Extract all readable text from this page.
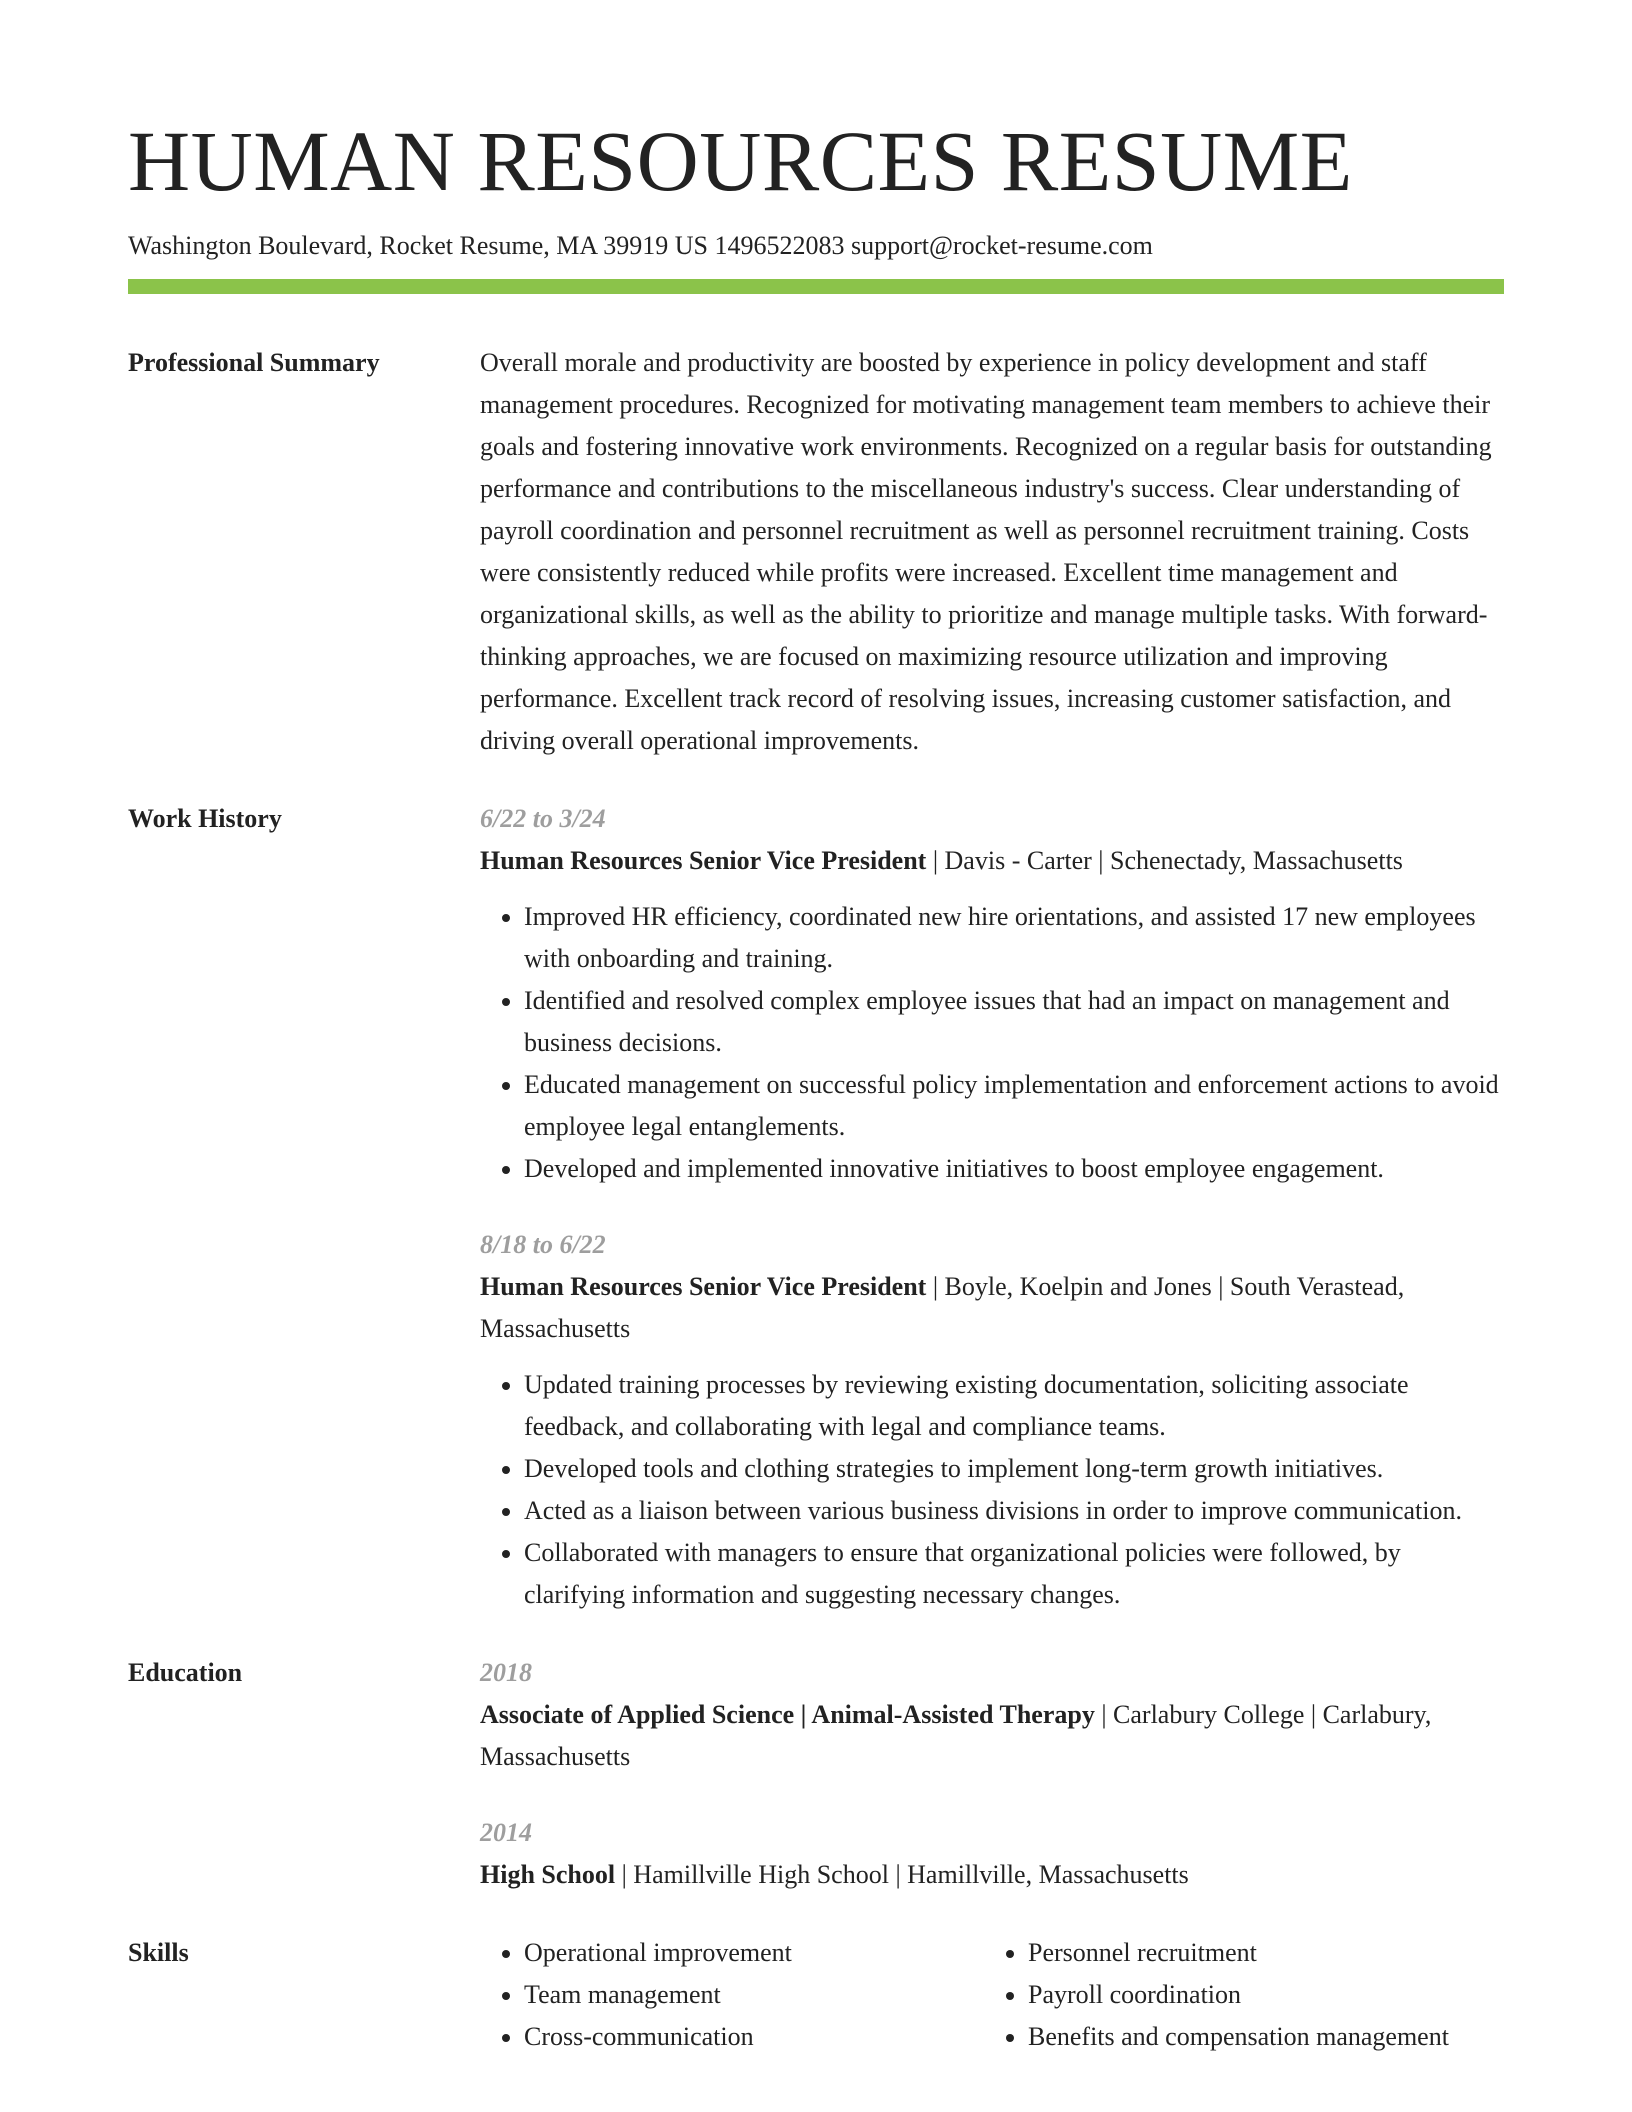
HUMAN RESOURCES RESUME
Washington Boulevard, Rocket Resume, MA 39919 US 1496522083 support@rocket-resume.com
Professional Summary	Overall morale and productivity are boosted by experience in policy development and staff management procedures. Recognized for motivating management team members to achieve their goals and fostering innovative work environments. Recognized on a regular basis for outstanding performance and contributions to the miscellaneous industry's success. Clear understanding of payroll coordination and personnel recruitment as well as personnel recruitment training. Costs were consistently reduced while profits were increased. Excellent time management and organizational skills, as well as the ability to prioritize and manage multiple tasks. With forward-thinking approaches, we are focused on maximizing resource utilization and improving performance. Excellent track record of resolving issues, increasing customer satisfaction, and driving overall operational improvements.

Work History	6/22 to 3/24
Human Resources Senior Vice President | Davis - Carter | Schenectady, Massachusetts
• Improved HR efficiency, coordinated new hire orientations, and assisted 17 new employees with onboarding and training.
• Identified and resolved complex employee issues that had an impact on management and business decisions.
• Educated management on successful policy implementation and enforcement actions to avoid employee legal entanglements.
• Developed and implemented innovative initiatives to boost employee engagement.
8/18 to 6/22
Human Resources Senior Vice President | Boyle, Koelpin and Jones | South Verastead, Massachusetts
• Updated training processes by reviewing existing documentation, soliciting associate feedback, and collaborating with legal and compliance teams.
• Developed tools and clothing strategies to implement long-term growth initiatives.
• Acted as a liaison between various business divisions in order to improve communication.
• Collaborated with managers to ensure that organizational policies were followed, by clarifying information and suggesting necessary changes.
Education	2018
Associate of Applied Science | Animal-Assisted Therapy | Carlabury College | Carlabury, Massachusetts
2014
High School | Hamillville High School | Hamillville, Massachusetts
Skills
•	Operational improvement
• Team management
• Cross-communication
• Personnel recruitment
• Payroll coordination
• Benefits and compensation management
